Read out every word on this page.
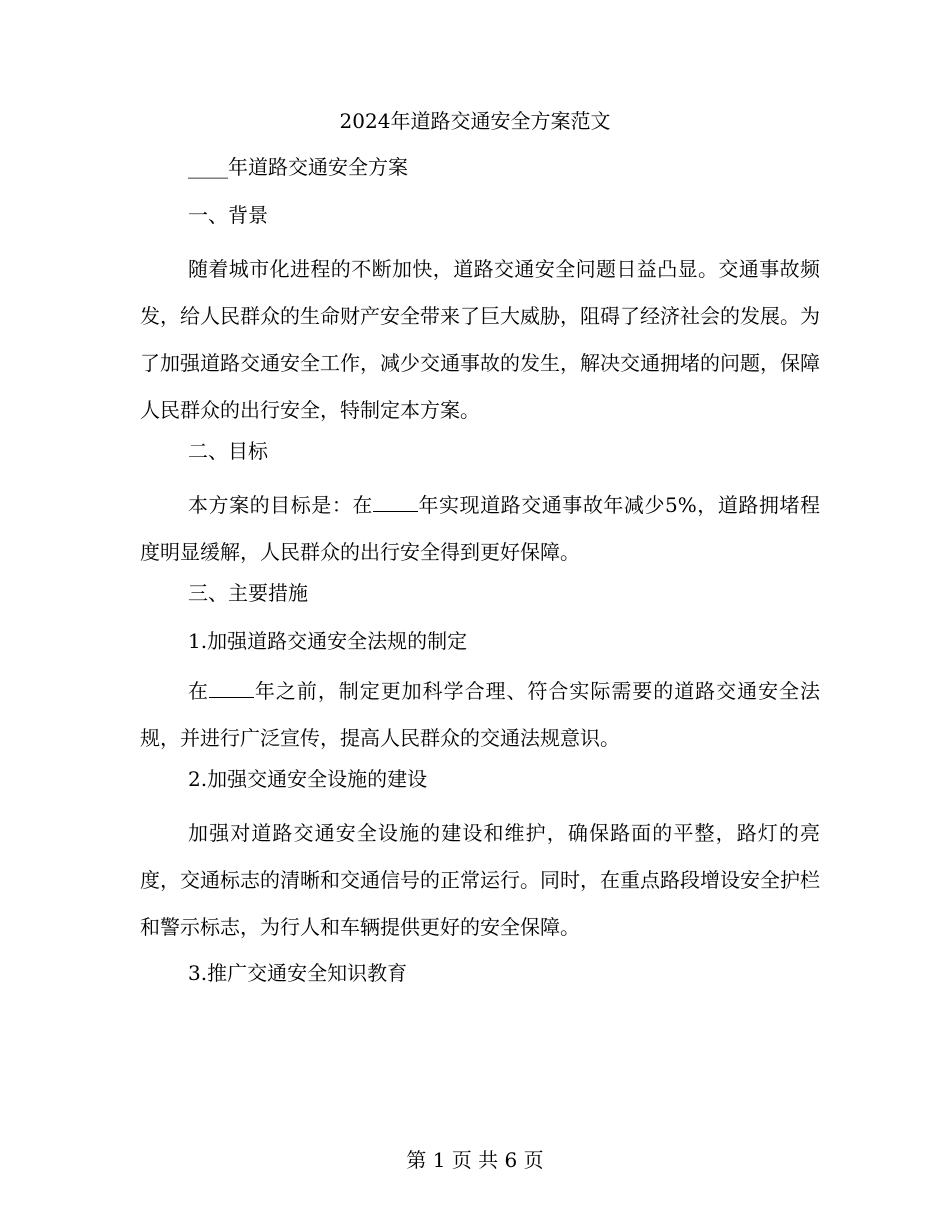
2024年道路交通安全方案范文
____年道路交通安全方案
一、背景
随着城市化进程的不断加快，道路交通安全问题日益凸显。交通事故频发，给人民群众的生命财产安全带来了巨大威胁，阻碍了经济社会的发展。为了加强道路交通安全工作，减少交通事故的发生，解决交通拥堵的问题，保障人民群众的出行安全，特制定本方案。
二、目标
本方案的目标是：在 年实现道路交通事故年减少5%，道路拥堵程度明显缓解，人民群众的出行安全得到更好保障。
三、主要措施
1.加强道路交通安全法规的制定
在 年之前，制定更加科学合理、符合实际需要的道路交通安全法规，并进行广泛宣传，提高人民群众的交通法规意识。
2.加强交通安全设施的建设
加强对道路交通安全设施的建设和维护，确保路面的平整，路灯的亮度，交通标志的清晰和交通信号的正常运行。同时，在重点路段增设安全护栏和警示标志，为行人和车辆提供更好的安全保障。
3.推广交通安全知识教育
第 1 页 共 6 页
